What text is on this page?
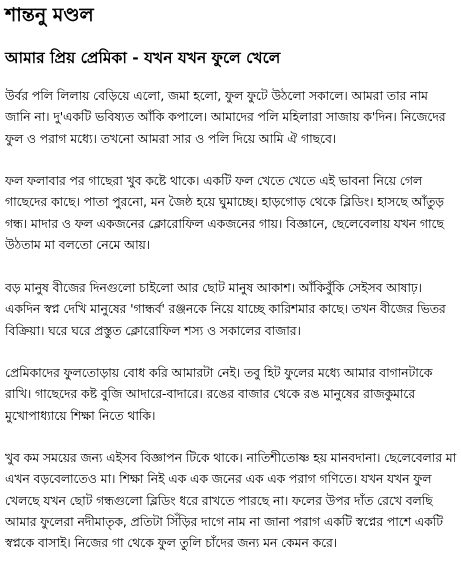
শান্তনু মণ্ডল
আমার প্রিয় প্রেমিকা - যখন যখন ফুলে খেলে

উর্বর পলি লিলায় বেড়িয়ে এলো, জমা হলো, ফুল ফুটে উঠলো সকালে। আমরা তার নাম জানি না। দু'একটি ভবিষ্যত আঁকি কপালে। আমাদের পলি মহিলারা সাজায় ক'দিন। নিজেদের ফুল ও পরাগ মধ্যে। তখনো আমরা সার ও পলি দিয়ে আমি ঐ গাছবে।

ফল ফলাবার পর গাছেরা খুব কষ্টে থাকে। একটি ফল খেতে খেতে এই ভাবনা নিয়ে গেল গাছেদের কাছে। পাতা পুরনো, মন জৈষ্ঠ হয়ে ঘুমাচ্ছে। হাড়গোড় থেকে ব্লিডিং। হাসছে আঁতুড় গন্ধ। মাদার ও ফল একজনের ক্লোরোফিল একজনের গায়। বিজ্ঞানে, ছেলেবেলায় যখন গাছে উঠতাম মা বলতো নেমে আয়।

বড় মানুষ বীজের দিনগুলো চাইলো আর ছোট মানুষ আকাশ। আঁকিবুঁকি সেইসব আষাঢ়। একদিন স্বপ্ন দেখি মানুষের 'গান্ধর্ব' রঞ্জনকে নিয়ে যাচ্ছে কারিশমার কাছে। তখন বীজের ভিতর বিক্রিয়া। ঘরে ঘরে প্রস্তুত ক্লোরোফিল শস্য ও সকালের বাজার।

প্রেমিকাদের ফুলতোড়ায় বোধ করি আমারটা নেই। তবু হিট ফুলের মধ্যে আমার বাগানটাকে রাখি। গাছেদের কষ্ট বুজি আদারে-বাদারে। রঙের বাজার থেকে রঙ মানুষের রাজকুমারে মুখোপাধ্যায়ে শিক্ষা নিতে থাকি।

খুব কম সময়ের জন্য এইসব বিজ্ঞাপন টিকে থাকে। নাতিশীতোষ্ণ হয় মানবদানা। ছেলেবেলার মা এখন বড়বেলাতেও মা। শিক্ষা নিই এক এক জনের এক এক পরাগ গণিতে। যখন যখন ফুল খেলছে যখন ছোট গন্ধগুলো ব্লিডিং ধরে রাখতে পারছে না। ফলের উপর দাঁত রেখে বলছি আমার ফুলেরা নদীমাতৃক, প্রতিটা সিঁড়ির দাগে নাম না জানা পরাগ একটি স্বপ্নের পাশে একটি স্বপ্নকে বাসাই। নিজের গা থেকে ফুল তুলি চাঁদের জন্য মন কেমন করে।
